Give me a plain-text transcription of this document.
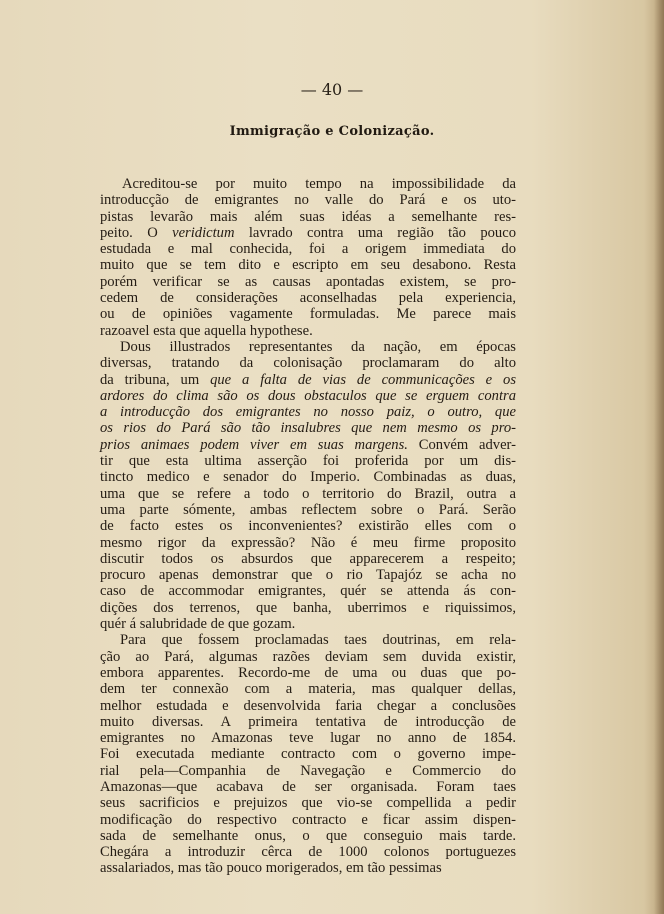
— 40 —
Immigração e Colonização.
Acreditou-se por muito tempo na impossibilidade da
introducção de emigrantes no valle do Pará e os uto-
pistas levarão mais além suas idéas a semelhante res-
peito. O veridictum lavrado contra uma região tão pouco
estudada e mal conhecida, foi a origem immediata do
muito que se tem dito e escripto em seu desabono. Resta
porém verificar se as causas apontadas existem, se pro-
cedem de considerações aconselhadas pela experiencia,
ou de opiniões vagamente formuladas. Me parece mais
razoavel esta que aquella hypothese.
Dous illustrados representantes da nação, em épocas
diversas, tratando da colonisação proclamaram do alto
da tribuna, um que a falta de vias de communicações e os
ardores do clima são os dous obstaculos que se erguem contra
a introducção dos emigrantes no nosso paiz, o outro, que
os rios do Pará são tão insalubres que nem mesmo os pro-
prios animaes podem viver em suas margens. Convém adver-
tir que esta ultima asserção foi proferida por um dis-
tincto medico e senador do Imperio. Combinadas as duas,
uma que se refere a todo o territorio do Brazil, outra a
uma parte sómente, ambas reflectem sobre o Pará. Serão
de facto estes os inconvenientes? existirão elles com o
mesmo rigor da expressão? Não é meu firme proposito
discutir todos os absurdos que apparecerem a respeito;
procuro apenas demonstrar que o rio Tapajóz se acha no
caso de accommodar emigrantes, quér se attenda ás con-
dições dos terrenos, que banha, uberrimos e riquissimos,
quér á salubridade de que gozam.
Para que fossem proclamadas taes doutrinas, em rela-
ção ao Pará, algumas razões deviam sem duvida existir,
embora apparentes. Recordo-me de uma ou duas que po-
dem ter connexão com a materia, mas qualquer dellas,
melhor estudada e desenvolvida faria chegar a conclusões
muito diversas. A primeira tentativa de introducção de
emigrantes no Amazonas teve lugar no anno de 1854.
Foi executada mediante contracto com o governo impe-
rial pela—Companhia de Navegação e Commercio do
Amazonas—que acabava de ser organisada. Foram taes
seus sacrificios e prejuizos que vio-se compellida a pedir
modificação do respectivo contracto e ficar assim dispen-
sada de semelhante onus, o que conseguio mais tarde.
Chegára a introduzir cêrca de 1000 colonos portuguezes
assalariados, mas tão pouco morigerados, em tão pessimas
